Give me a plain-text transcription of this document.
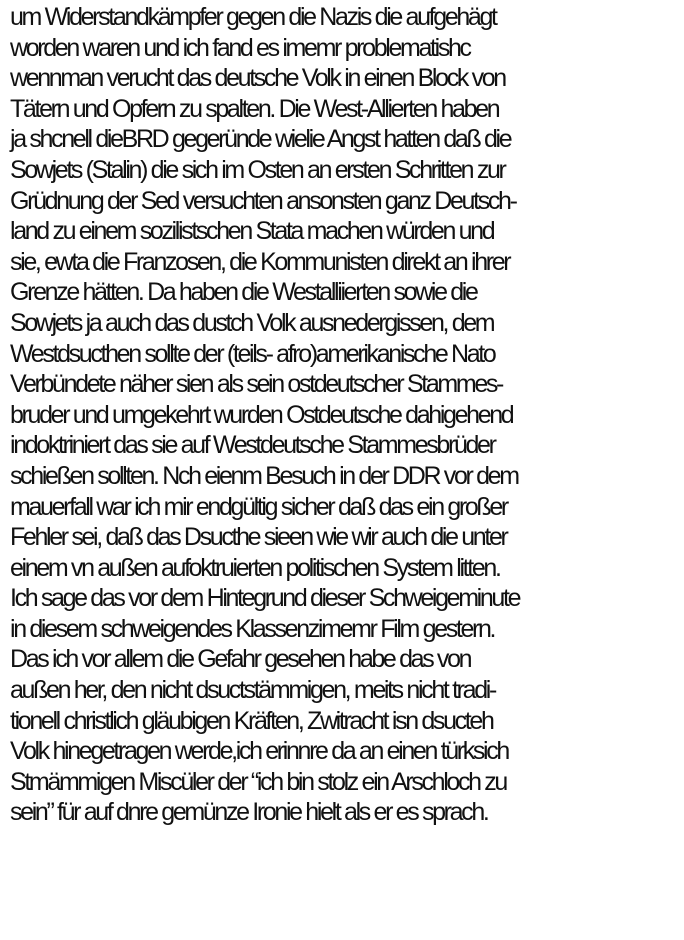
um Widerstandkämpfer gegen die Nazis die aufgehägt
worden waren und ich fand es imemr problematishc
wennman verucht das deutsche Volk in einen Block von
Tätern und Opfern zu spalten. Die West-Allierten haben
ja shcnell dieBRD gegeründe wielie Angst hatten daß die
Sowjets (Stalin) die sich im Osten an ersten Schritten zur
Grüdnung der Sed versuchten ansonsten ganz Deutsch-
land zu einem sozilistschen Stata machen würden und
sie, ewta die Franzosen, die Kommunisten direkt an ihrer
Grenze hätten. Da haben die Westalliierten sowie die
Sowjets ja auch das dustch Volk ausnedergissen, dem
Westdsucthen sollte der (teils- afro)amerikanische Nato
Verbündete näher sien als sein ostdeutscher Stammes-
bruder und umgekehrt wurden Ostdeutsche dahigehend
indoktriniert das sie auf Westdeutsche Stammesbrüder
schießen sollten. Nch eienm Besuch in der DDR vor dem
mauerfall war ich mir endgültig sicher daß das ein großer
Fehler sei, daß das Dsucthe sieen wie wir auch die unter
einem vn außen aufoktruierten politischen System litten.
Ich sage das vor dem Hintegrund dieser Schweigeminute
in diesem schweigendes Klassenzimemr Film gestern.
Das ich vor allem die Gefahr gesehen habe das von
außen her, den nicht dsuctstämmigen, meits nicht tradi-
tionell christlich gläubigen Kräften, Zwitracht isn dsucteh
Volk hinegetragen werde,ich erinnre da an einen türksich
Stmämmigen Miscüler der “ich bin stolz ein Arschloch zu
sein” für auf dnre gemünze Ironie hielt als er es sprach.
